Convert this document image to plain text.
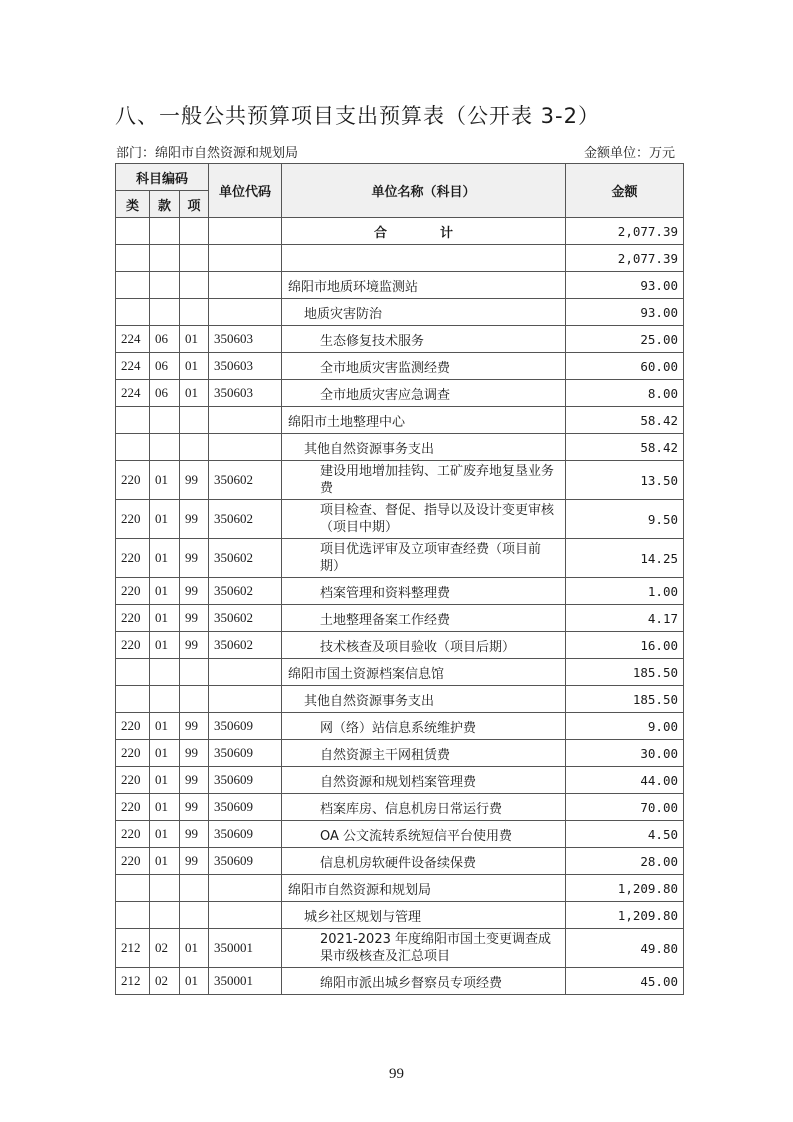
八、一般公共预算项目支出预算表（公开表 3-2）
部门：绵阳市自然资源和规划局	金额单位：万元
科目编码			单位代码	单位名称（科目）	金额
类	款	项			
				合　计	2,077.39
					2,077.39
				绵阳市地质环境监测站	93.00
				地质灾害防治	93.00
224	06	01	350603	生态修复技术服务	25.00
224	06	01	350603	全市地质灾害监测经费	60.00
224	06	01	350603	全市地质灾害应急调查	8.00
				绵阳市土地整理中心	58.42
				其他自然资源事务支出	58.42
220	01	99	350602	建设用地增加挂钩、工矿废弃地复垦业务费	13.50
220	01	99	350602	项目检查、督促、指导以及设计变更审核（项目中期）	9.50
220	01	99	350602	项目优选评审及立项审查经费（项目前期）	14.25
220	01	99	350602	档案管理和资料整理费	1.00
220	01	99	350602	土地整理备案工作经费	4.17
220	01	99	350602	技术核查及项目验收（项目后期）	16.00
				绵阳市国土资源档案信息馆	185.50
				其他自然资源事务支出	185.50
220	01	99	350609	网（络）站信息系统维护费	9.00
220	01	99	350609	自然资源主干网租赁费	30.00
220	01	99	350609	自然资源和规划档案管理费	44.00
220	01	99	350609	档案库房、信息机房日常运行费	70.00
220	01	99	350609	OA 公文流转系统短信平台使用费	4.50
220	01	99	350609	信息机房软硬件设备续保费	28.00
				绵阳市自然资源和规划局	1,209.80
				城乡社区规划与管理	1,209.80
212	02	01	350001	2021-2023 年度绵阳市国土变更调查成果市级核查及汇总项目	49.80
212	02	01	350001	绵阳市派出城乡督察员专项经费	45.00
99
